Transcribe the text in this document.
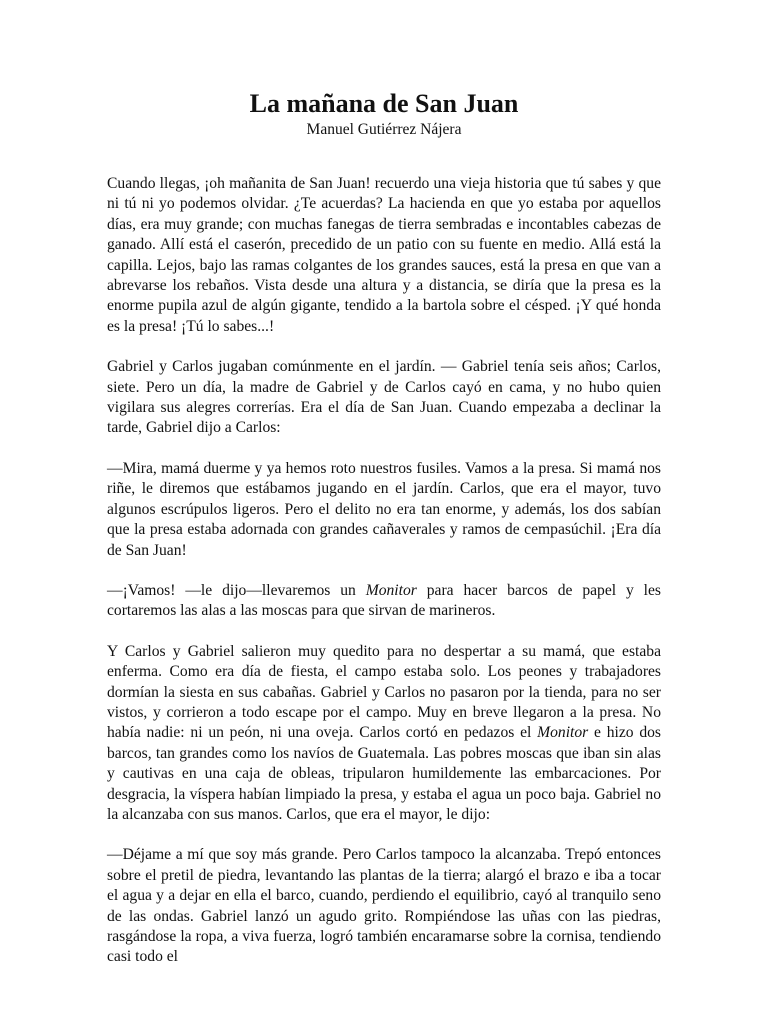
La mañana de San Juan

Manuel Gutiérrez Nájera

Cuando llegas, ¡oh mañanita de San Juan! recuerdo una vieja historia que tú sabes y que ni tú ni yo podemos olvidar. ¿Te acuerdas? La hacienda en que yo estaba por aquellos días, era muy grande; con muchas fanegas de tierra sembradas e incontables cabezas de ganado. Allí está el caserón, precedido de un patio con su fuente en medio. Allá está la capilla. Lejos, bajo las ramas colgantes de los grandes sauces, está la presa en que van a abrevarse los rebaños. Vista desde una altura y a distancia, se diría que la presa es la enorme pupila azul de algún gigante, tendido a la bartola sobre el césped. ¡Y qué honda es la presa! ¡Tú lo sabes...!

Gabriel y Carlos jugaban comúnmente en el jardín. — Gabriel tenía seis años; Carlos, siete. Pero un día, la madre de Gabriel y de Carlos cayó en cama, y no hubo quien vigilara sus alegres correrías. Era el día de San Juan. Cuando empezaba a declinar la tarde, Gabriel dijo a Carlos:

—Mira, mamá duerme y ya hemos roto nuestros fusiles. Vamos a la presa. Si mamá nos riñe, le diremos que estábamos jugando en el jardín. Carlos, que era el mayor, tuvo algunos escrúpulos ligeros. Pero el delito no era tan enorme, y además, los dos sabían que la presa estaba adornada con grandes cañaverales y ramos de cempasúchil. ¡Era día de San Juan!

—¡Vamos! —le dijo—llevaremos un Monitor para hacer barcos de papel y les cortaremos las alas a las moscas para que sirvan de marineros.

Y Carlos y Gabriel salieron muy quedito para no despertar a su mamá, que estaba enferma. Como era día de fiesta, el campo estaba solo. Los peones y trabajadores dormían la siesta en sus cabañas. Gabriel y Carlos no pasaron por la tienda, para no ser vistos, y corrieron a todo escape por el campo. Muy en breve llegaron a la presa. No había nadie: ni un peón, ni una oveja. Carlos cortó en pedazos el Monitor e hizo dos barcos, tan grandes como los navíos de Guatemala. Las pobres moscas que iban sin alas y cautivas en una caja de obleas, tripularon humildemente las embarcaciones. Por desgracia, la víspera habían limpiado la presa, y estaba el agua un poco baja. Gabriel no la alcanzaba con sus manos. Carlos, que era el mayor, le dijo:

—Déjame a mí que soy más grande. Pero Carlos tampoco la alcanzaba. Trepó entonces sobre el pretil de piedra, levantando las plantas de la tierra; alargó el brazo e iba a tocar el agua y a dejar en ella el barco, cuando, perdiendo el equilibrio, cayó al tranquilo seno de las ondas. Gabriel lanzó un agudo grito. Rompiéndose las uñas con las piedras, rasgándose la ropa, a viva fuerza, logró también encaramarse sobre la cornisa, tendiendo casi todo el
